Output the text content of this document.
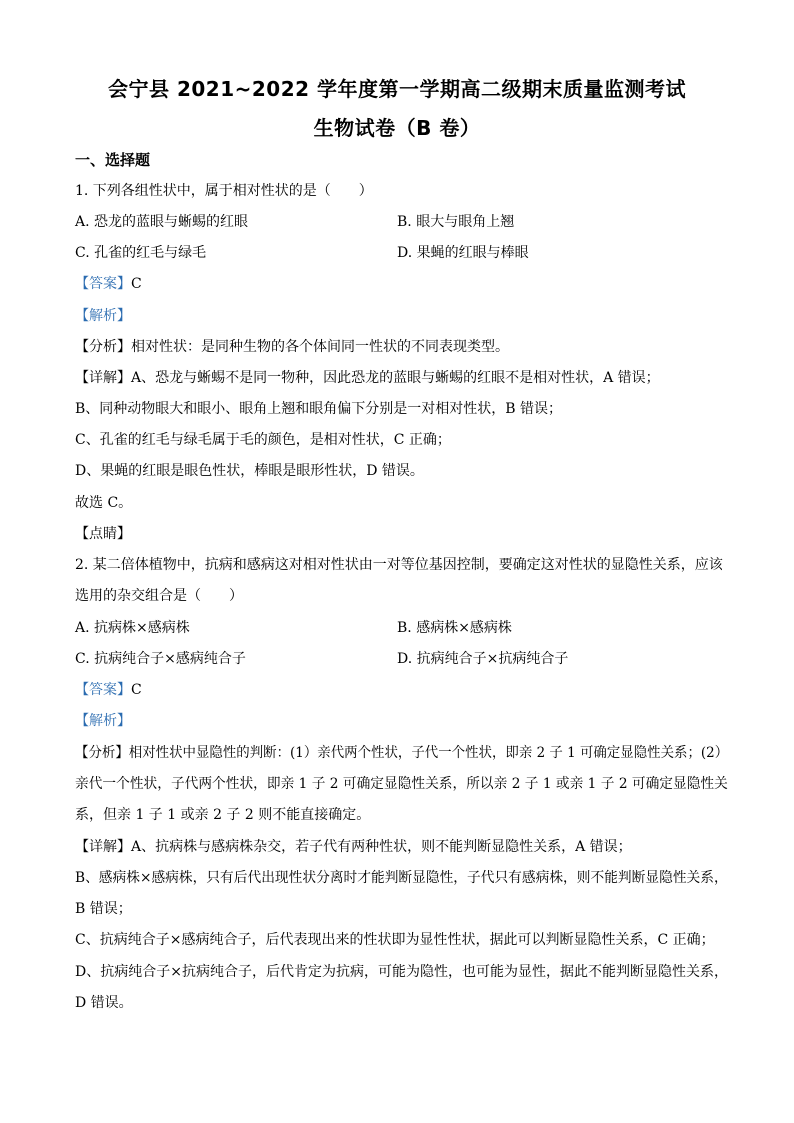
会宁县 2021~2022 学年度第一学期高二级期末质量监测考试
生物试卷（B 卷）
一、选择题
1. 下列各组性状中，属于相对性状的是（　　）
A. 恐龙的蓝眼与蜥蜴的红眼	B. 眼大与眼角上翘
C. 孔雀的红毛与绿毛	D. 果蝇的红眼与棒眼
【答案】C
【解析】
【分析】相对性状：是同种生物的各个体间同一性状的不同表现类型。
【详解】A、恐龙与蜥蜴不是同一物种，因此恐龙的蓝眼与蜥蜴的红眼不是相对性状，A 错误；
B、同种动物眼大和眼小、眼角上翘和眼角偏下分别是一对相对性状，B 错误；
C、孔雀的红毛与绿毛属于毛的颜色，是相对性状，C 正确；
D、果蝇的红眼是眼色性状，棒眼是眼形性状，D 错误。
故选 C。
【点睛】
2. 某二倍体植物中，抗病和感病这对相对性状由一对等位基因控制，要确定这对性状的显隐性关系，应该
选用的杂交组合是（　　）
A. 抗病株×感病株	B. 感病株×感病株
C. 抗病纯合子×感病纯合子	D. 抗病纯合子×抗病纯合子
【答案】C
【解析】
【分析】相对性状中显隐性的判断：(1）亲代两个性状，子代一个性状，即亲 2 子 1 可确定显隐性关系；(2）
亲代一个性状，子代两个性状，即亲 1 子 2 可确定显隐性关系，所以亲 2 子 1 或亲 1 子 2 可确定显隐性关
系，但亲 1 子 1 或亲 2 子 2 则不能直接确定。
【详解】A、抗病株与感病株杂交，若子代有两种性状，则不能判断显隐性关系，A 错误；
B、感病株×感病株，只有后代出现性状分离时才能判断显隐性，子代只有感病株，则不能判断显隐性关系，
B 错误；
C、抗病纯合子×感病纯合子，后代表现出来的性状即为显性性状，据此可以判断显隐性关系，C 正确；
D、抗病纯合子×抗病纯合子，后代肯定为抗病，可能为隐性，也可能为显性，据此不能判断显隐性关系，
D 错误。
